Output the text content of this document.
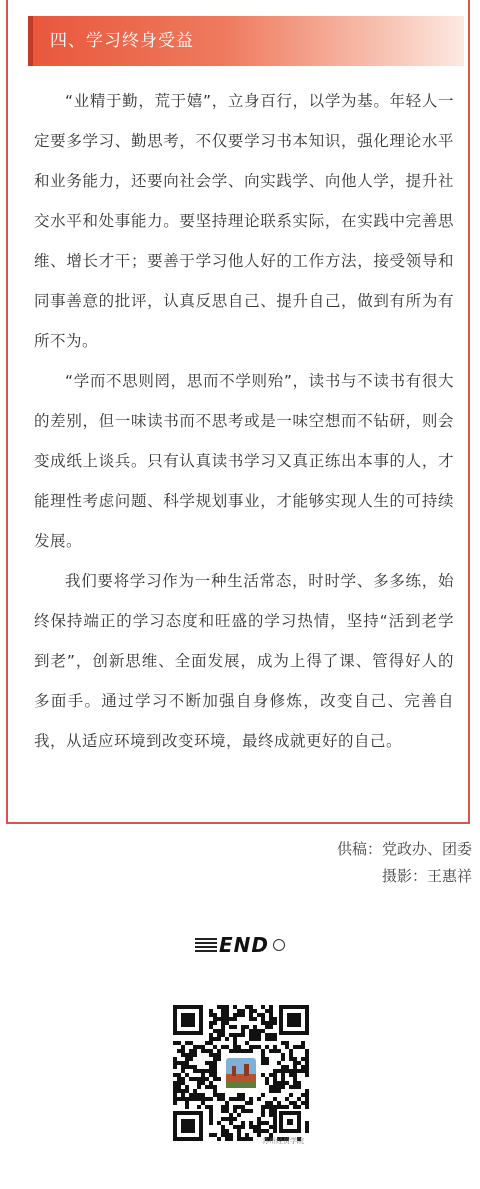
四、学习终身受益

“业精于勤，荒于嬉”，立身百行，以学为基。年轻人一定要多学习、勤思考，不仅要学习书本知识，强化理论水平和业务能力，还要向社会学、向实践学、向他人学，提升社交水平和处事能力。要坚持理论联系实际，在实践中完善思维、增长才干；要善于学习他人好的工作方法，接受领导和同事善意的批评，认真反思自己、提升自己，做到有所为有所不为。

“学而不思则罔，思而不学则殆”，读书与不读书有很大的差别，但一味读书而不思考或是一味空想而不钻研，则会变成纸上谈兵。只有认真读书学习又真正练出本事的人，才能理性考虑问题、科学规划事业，才能够实现人生的可持续发展。

我们要将学习作为一种生活常态，时时学、多多练，始终保持端正的学习态度和旺盛的学习热情，坚持“活到老学到老”，创新思维、全面发展，成为上得了课、管得好人的多面手。通过学习不断加强自身修炼，改变自己、完善自我，从适应环境到改变环境，最终成就更好的自己。

供稿：党政办、团委
摄影：王惠祥
END
苏州经贸学院
